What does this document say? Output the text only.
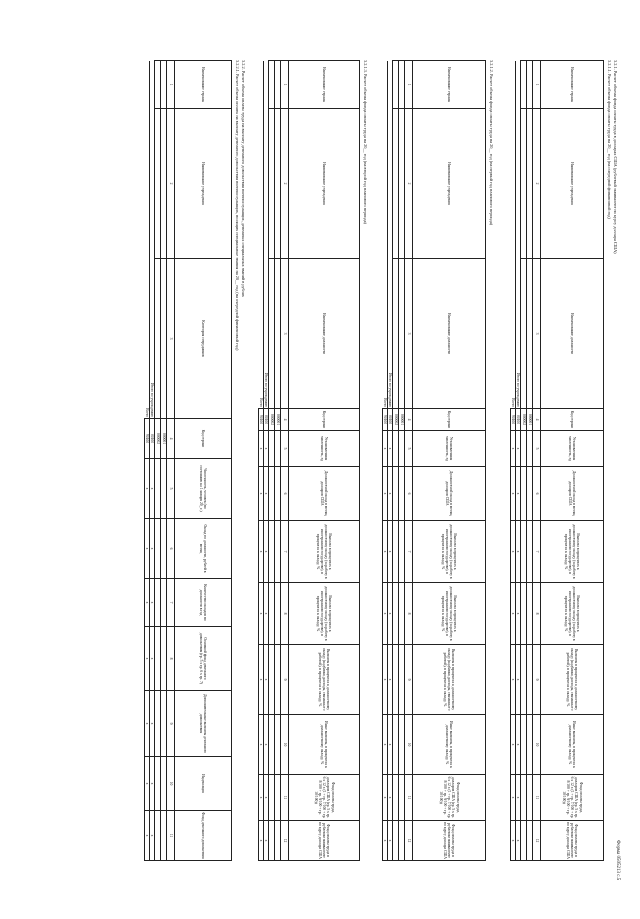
Форма 0505213 с.5
3.2.1. Расчет объема фонда оплаты труда в долларах США (рублевый эквивалент по курсу доллара США)
3.2.1.1. Расчет объема фонда оплаты труда на 20__ год (на очередной финансовый год)
Наименование страны	Наименование учреждения	Наименование должности	Код строки	Установленная численность, ед	Должностной оклад в месяц, долларов США	Выплата в процентах к должностному окладу (за работу в иностранном государстве), в процентах к окладу, %	Выплата в процентах к должностному окладу (за работу в иностранном государстве), в процентах к окладу, %	Выплаты в процентах к должностному окладу (надбавки, расходы, связанные с работой), в процентах к окладу, %	Иные выплаты, в процентах к должностному окладу, %	Фонд оплаты труда, долларов США (гр. 5 х гр. 6 х 12 х (1 + гр. 7/100 + гр. 8/100 + гр. 9/100 + гр. 10/100))	Фонд оплаты труда в рублевом эквиваленте по курсу доллара США
1	2	3	4	5	6	7	8	9	10	11	12
			000001								
			000002								
Итого по учреждению			00100	x	x	x	x	x	x	x	x
Всего			90100	x	x	x	x	x	x	x	x
3.2.1.2. Расчет объема фонда оплаты труда на 20__ год (на первый год планового периода)
Наименование страны	Наименование учреждения	Наименование должности	Код строки	Установленная численность, ед	Должностной оклад в месяц, долларов США	Выплата в процентах к должностному окладу (за работу в иностранном государстве), в процентах к окладу, %	Выплата в процентах к должностному окладу (за работу в иностранном государстве), в процентах к окладу, %	Выплаты в процентах к должностному окладу (надбавки, расходы, связанные с работой), в процентах к окладу, %	Иные выплаты, в процентах к должностному окладу, %	Фонд оплаты труда, долларов США (гр. 5 х гр. 6 х 12 х (1 + гр. 7/100 + гр. 8/100 + гр. 9/100 + гр. 10/100))	Фонд оплаты труда в рублевом эквиваленте по курсу доллара США
1	2	3	4	5	6	7	8	9	10	11	12
			000001								
			000002								
Итого по учреждению			00100	x	x	x	x	x	x	x	x
Всего			90100	x	x	x	x	x	x	x	x
3.2.1.3. Расчет объема фонда оплаты труда на 20__ год (на второй год планового периода)
Наименование страны	Наименование учреждения	Наименование должности	Код строки	Установленная численность, ед	Должностной оклад в месяц, долларов США	Выплата в процентах к должностному окладу (за работу в иностранном государстве), в процентах к окладу, %	Выплата в процентах к должностному окладу (за работу в иностранном государстве), в процентах к окладу, %	Выплаты в процентах к должностному окладу (надбавки, расходы, связанные с работой), в процентах к окладу, %	Иные выплаты, в процентах к должностному окладу, %	Фонд оплаты труда, долларов США (гр. 5 х гр. 6 х 12 х (1 + гр. 7/100 + гр. 8/100 + гр. 9/100 + гр. 10/100))	Фонд оплаты труда в рублевом эквиваленте по курсу доллара США
1	2	3	4	5	6	7	8	9	10	11	12
			000001								
			000002								
Итого по учреждению			00100	x	x	x	x	x	x	x	x
Всего			90100	x	x	x	x	x	x	x	x
3.2.2. Расчет объема оплаты труда на выплату денежного довольствия военнослужащих, денежных специальных званий в рублях
3.2.2.1. Расчет объема оплаты на выплату денежного довольствия военнослужащих, носящих специальные звания на 20__ год (на очередной финансовый год)
Наименование страны	Наименование учреждения	Категория сотрудников	Код строки	Численность, человек (по состоянию на 1 января 20_ г.)	Оклад по должности, рублей в месяц	Количество окладов по должности в год	Основной фонд денежного довольствия (гр. 5 х гр. 6 х гр. 7)	Дополнительные выплаты денежного довольствия	Индексация	Фонд денежного довольствия
1	2	3	4	5	6	7	8	9	10	11
			000001							
			000002							
Итого по учреждению			00100	x	x	x	x	x	x	x
Всего			90100	x	x	x	x	x	x	x
